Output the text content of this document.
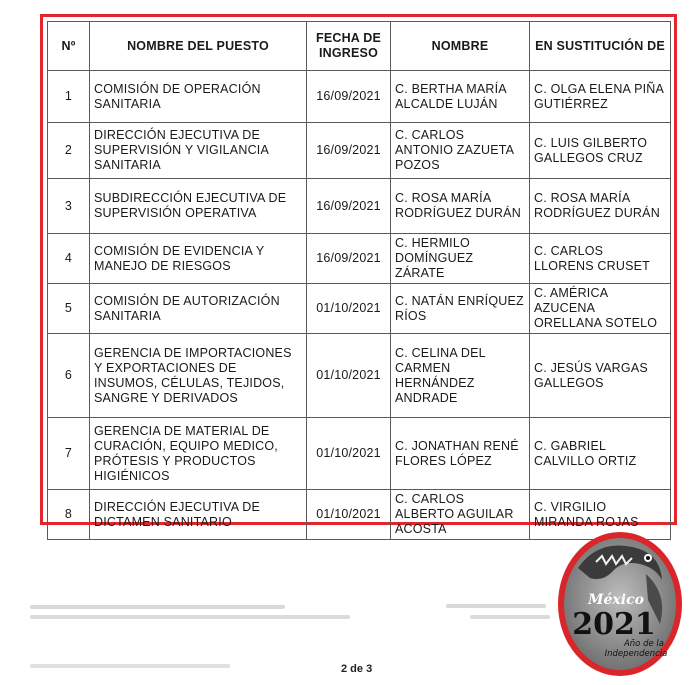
Nº	NOMBRE DEL PUESTO	FECHA DE INGRESO	NOMBRE	EN SUSTITUCIÓN DE
1	COMISIÓN DE OPERACIÓN SANITARIA	16/09/2021	C. BERTHA MARÍA ALCALDE LUJÁN	C. OLGA ELENA PIÑA GUTIÉRREZ
2	DIRECCIÓN EJECUTIVA DE SUPERVISIÓN Y VIGILANCIA SANITARIA	16/09/2021	C. CARLOS ANTONIO ZAZUETA POZOS	C. LUIS GILBERTO GALLEGOS CRUZ
3	SUBDIRECCIÓN EJECUTIVA DE SUPERVISIÓN OPERATIVA	16/09/2021	C. ROSA MARÍA RODRÍGUEZ DURÁN	C. ROSA MARÍA RODRÍGUEZ DURÁN
4	COMISIÓN DE EVIDENCIA Y MANEJO DE RIESGOS	16/09/2021	C. HERMILO DOMÍNGUEZ ZÁRATE	C. CARLOS LLORENS CRUSET
5	COMISIÓN DE AUTORIZACIÓN SANITARIA	01/10/2021	C. NATÁN ENRÍQUEZ RÍOS	C. AMÉRICA AZUCENA ORELLANA SOTELO
6	GERENCIA DE IMPORTACIONES Y EXPORTACIONES DE INSUMOS, CÉLULAS, TEJIDOS, SANGRE Y DERIVADOS	01/10/2021	C. CELINA DEL CARMEN HERNÁNDEZ ANDRADE	C. JESÚS VARGAS GALLEGOS
7	GERENCIA DE MATERIAL DE CURACIÓN, EQUIPO MEDICO, PRÓTESIS Y PRODUCTOS HIGIÉNICOS	01/10/2021	C. JONATHAN RENÉ FLORES LÓPEZ	C. GABRIEL CALVILLO ORTIZ
8	DIRECCIÓN EJECUTIVA DE DICTAMEN SANITARIO	01/10/2021	C. CARLOS ALBERTO AGUILAR ACOSTA	C. VIRGILIO MIRANDA ROJAS
2 de 3
México
2021
Año de la
Independencia
